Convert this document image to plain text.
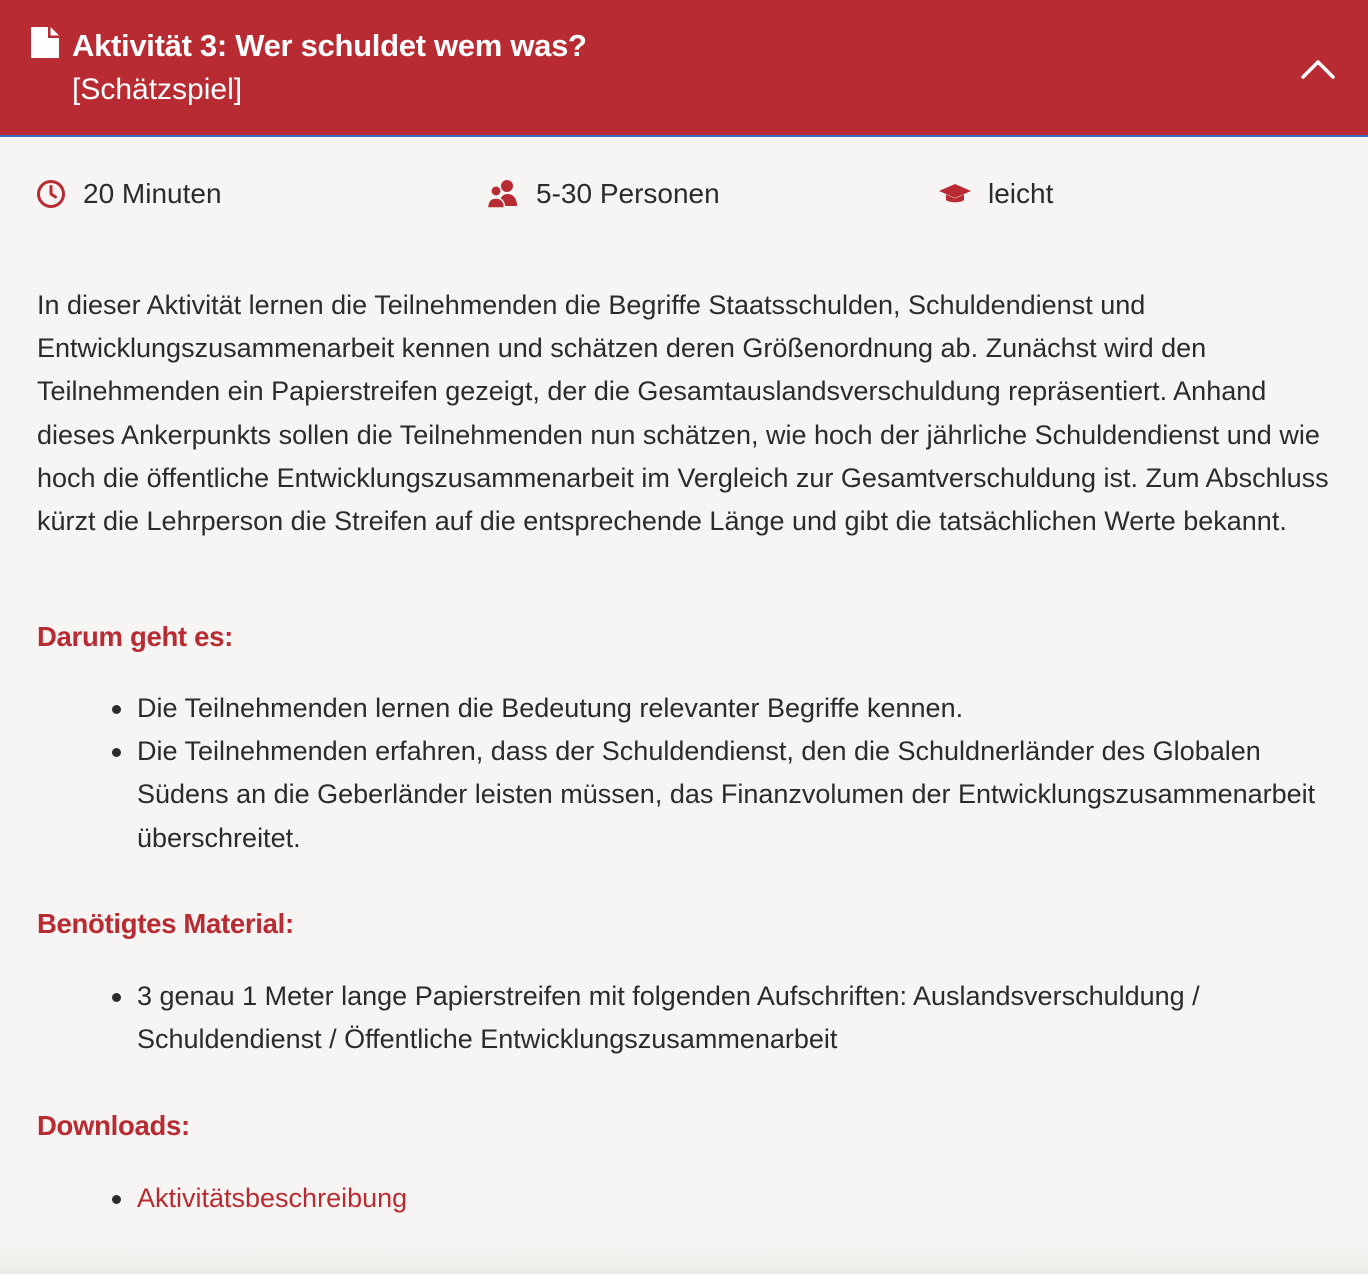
Aktivität 3: Wer schuldet wem was?
[Schätzspiel]
20 Minuten	5-30 Personen	leicht

In dieser Aktivität lernen die Teilnehmenden die Begriffe Staatsschulden, Schuldendienst und Entwicklungszusammenarbeit kennen und schätzen deren Größenordnung ab. Zunächst wird den Teilnehmenden ein Papierstreifen gezeigt, der die Gesamtauslandsverschuldung repräsentiert. Anhand dieses Ankerpunkts sollen die Teilnehmenden nun schätzen, wie hoch der jährliche Schuldendienst und wie hoch die öffentliche Entwicklungszusammenarbeit im Vergleich zur Gesamtverschuldung ist. Zum Abschluss kürzt die Lehrperson die Streifen auf die entsprechende Länge und gibt die tatsächlichen Werte bekannt.

Darum geht es:
Die Teilnehmenden lernen die Bedeutung relevanter Begriffe kennen.
Die Teilnehmenden erfahren, dass der Schuldendienst, den die Schuldnerländer des Globalen Südens an die Geberländer leisten müssen, das Finanzvolumen der Entwicklungszusammenarbeit überschreitet.
Benötigtes Material:
3 genau 1 Meter lange Papierstreifen mit folgenden Aufschriften: Auslandsverschuldung / Schuldendienst / Öffentliche Entwicklungszusammenarbeit
Downloads:
Aktivitätsbeschreibung
